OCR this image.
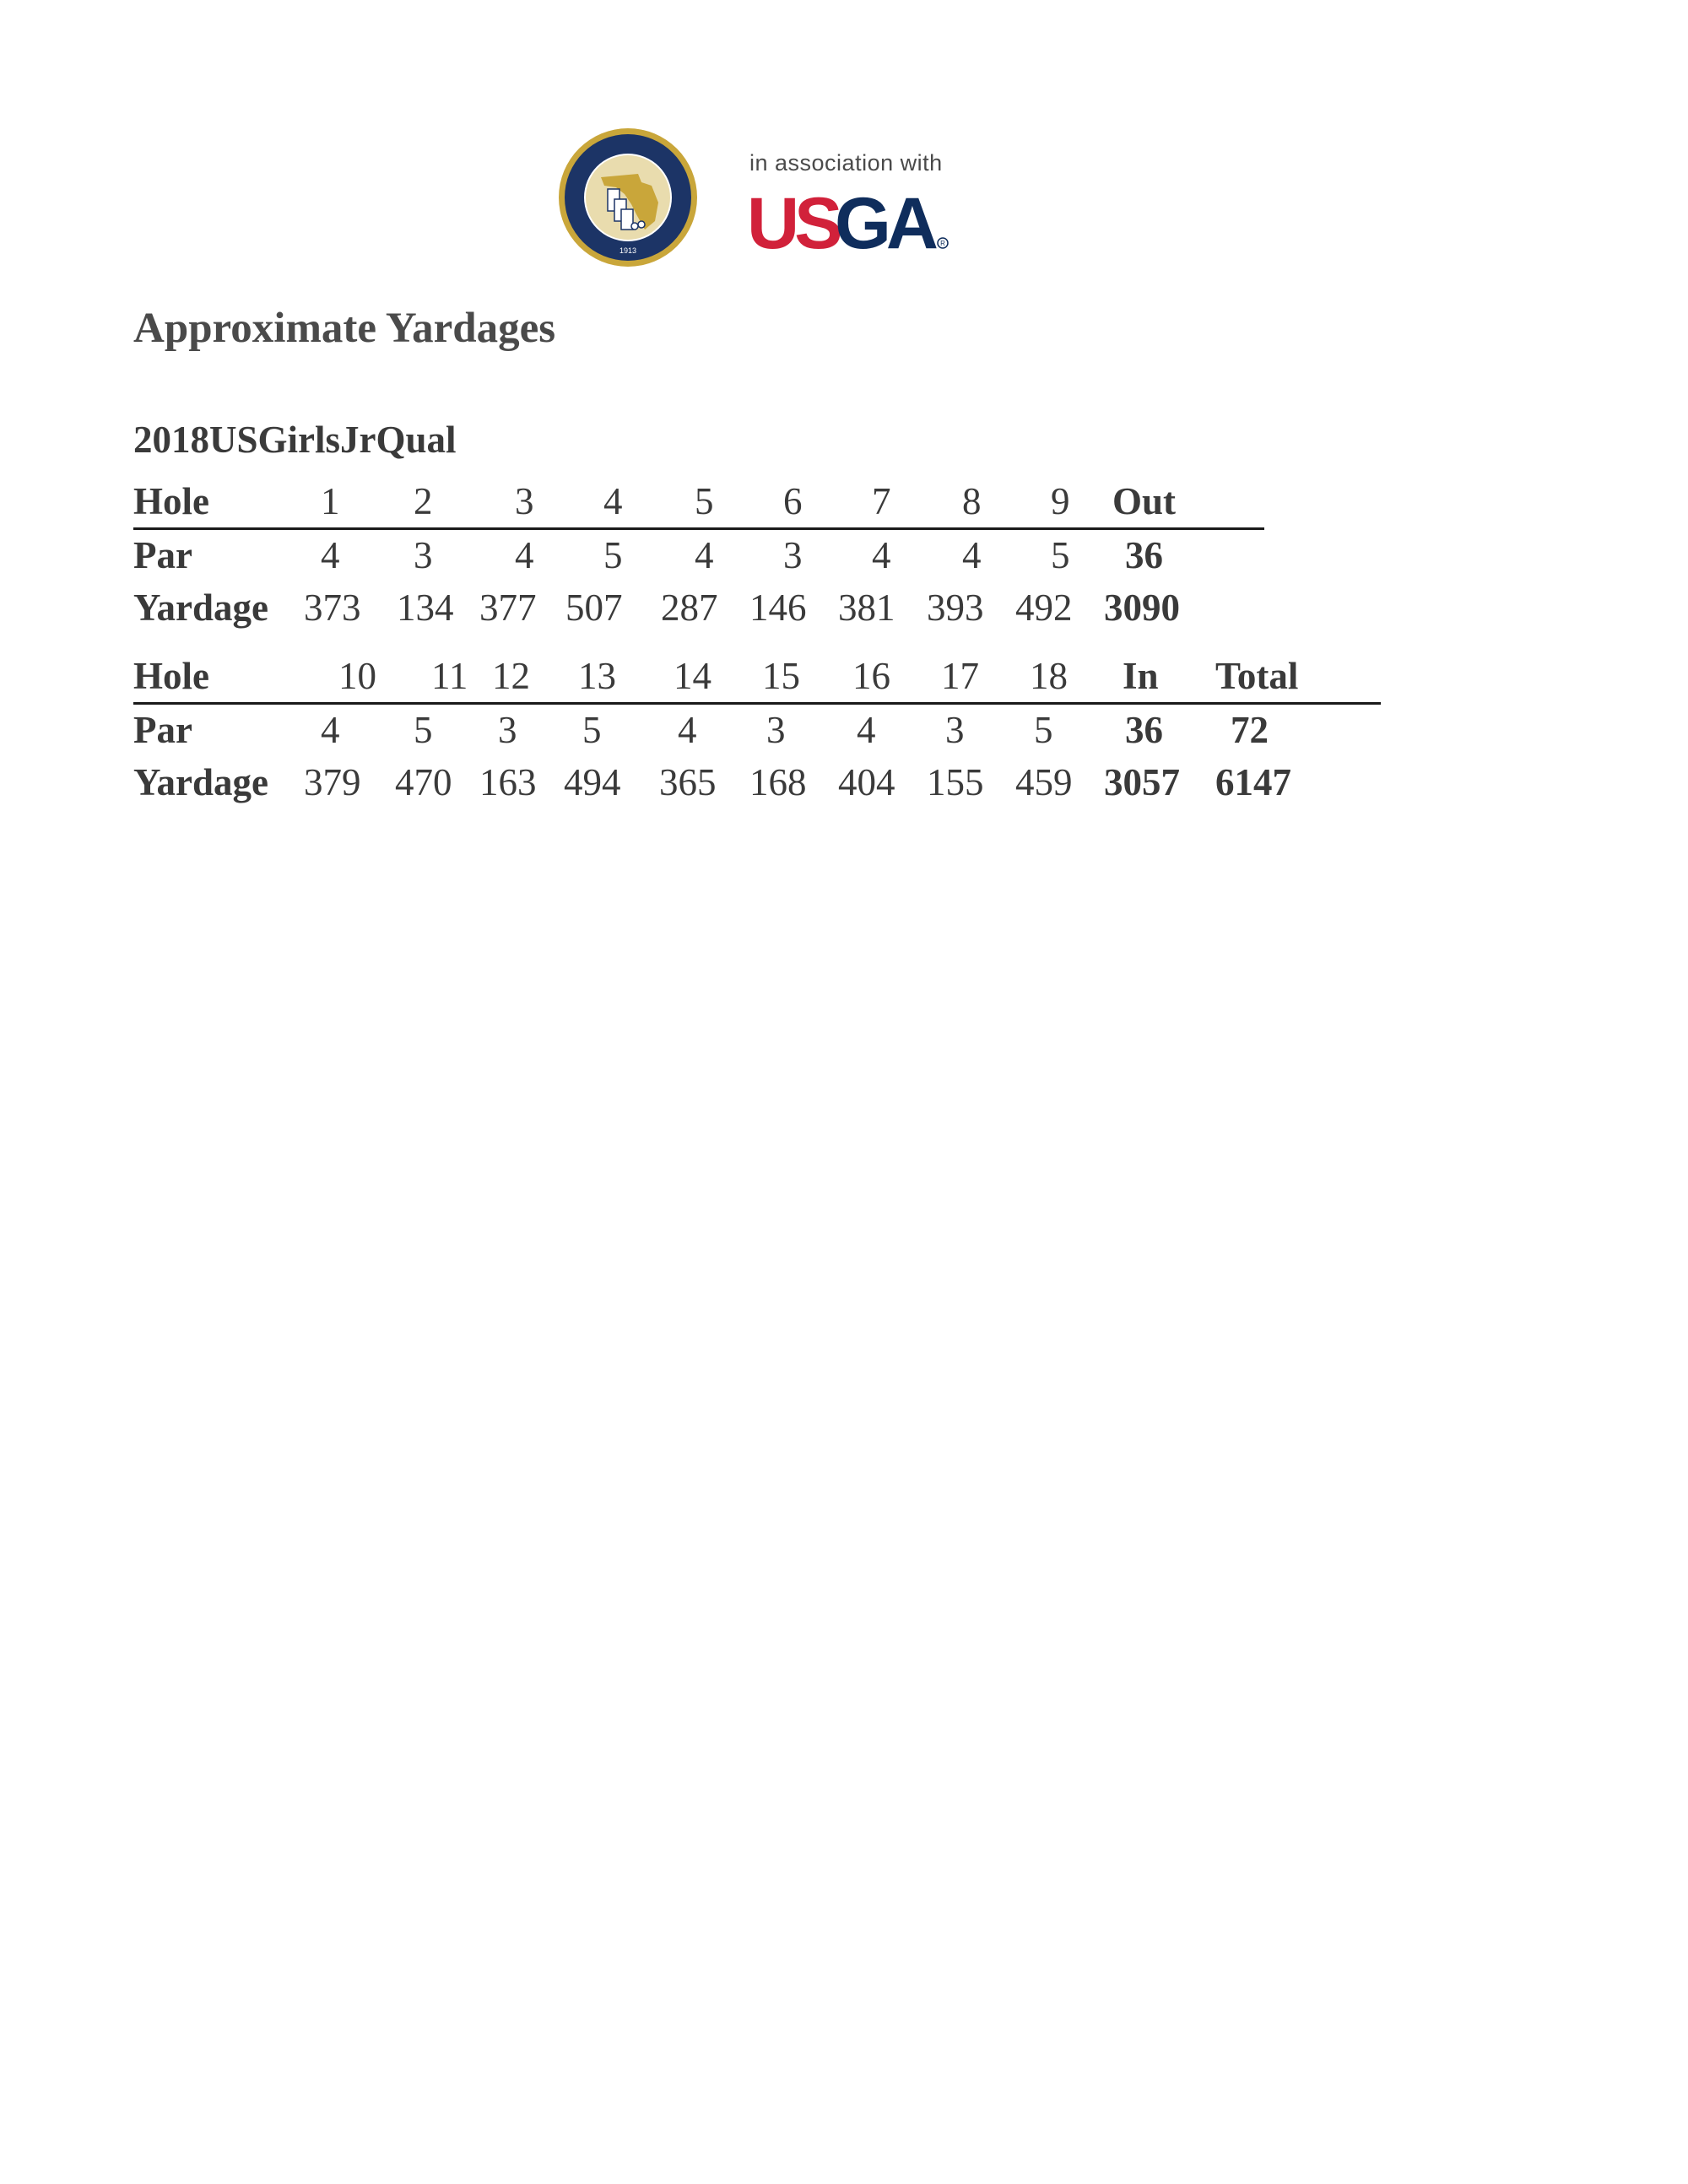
1913
in association with
US
GA	R
Approximate Yardages
2018USGirlsJrQual
Hole	1 2 3 4 5 6 7 8 9 Out
Par	4 3 4 5 4 3 4 4 5 36
Yardage 373 134 377 507 287 146 381 393 492 3090
Hole	10 11 12 13 14 15 16 17 18 In Total
Par	4 5 3 5 4 3 4 3 5 36 72
Yardage 379 470 163 494 365 168 404 155 459 3057 6147
